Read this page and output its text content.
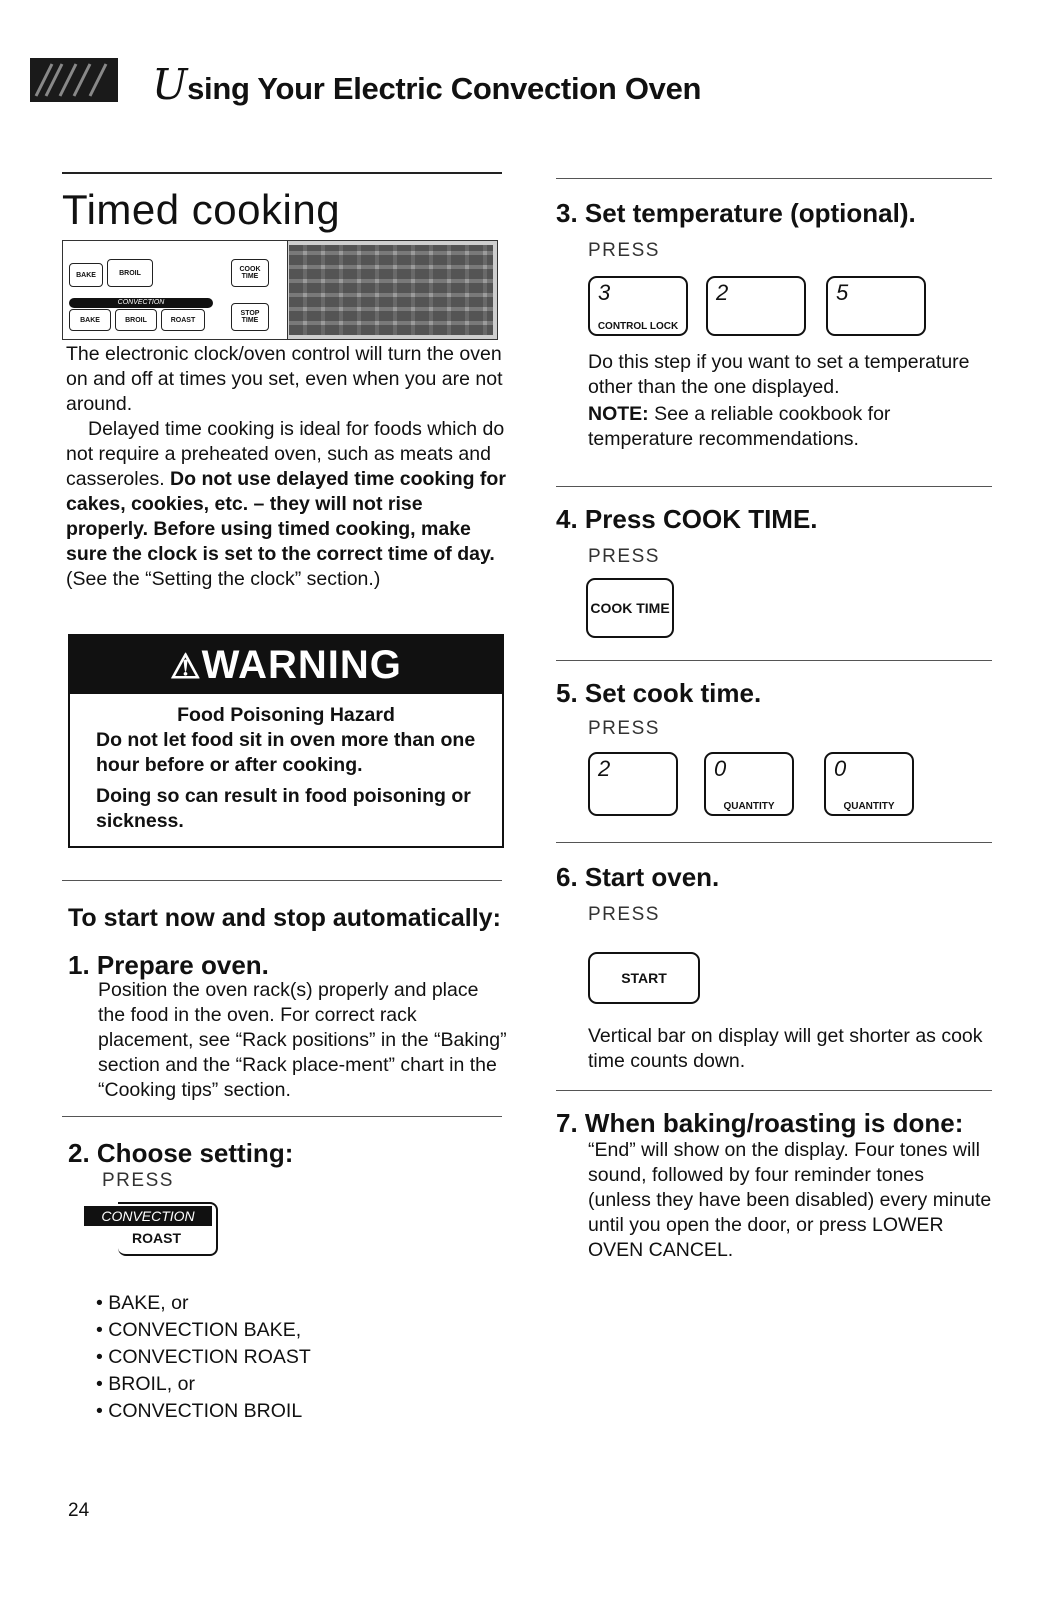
Using Your Electric Convection Oven
Timed cooking
BAKE	BROIL	COOK TIME
CONVECTION
BAKE	BROIL	ROAST
STOP TIME

The electronic clock/oven control will turn the oven on and off at times you set, even when you are not around.

Delayed time cooking is ideal for foods which do not require a preheated oven, such as meats and casseroles. Do not use delayed time cooking for cakes, cookies, etc. – they will not rise properly. Before using timed cooking, make sure the clock is set to the correct time of day. (See the “Setting the clock” section.)

⚠WARNING
Food Poisoning Hazard
Do not let food sit in oven more than one hour before or after cooking.
Doing so can result in food poisoning or sickness.
To start now and stop automatically:
1. Prepare oven.

Position the oven rack(s) properly and place the food in the oven. For correct rack placement, see “Rack positions” in the “Baking” section and the “Rack place-ment” chart in the “Cooking tips” section.

2. Choose setting:
PRESS
CONVECTION
ROAST
• BAKE, or
• CONVECTION BAKE,
• CONVECTION ROAST
• BROIL, or
• CONVECTION BROIL
24
3. Set temperature (optional).
PRESS
3
CONTROL LOCK
2	5

Do this step if you want to set a temperature other than the one displayed.

NOTE: See a reliable cookbook for temperature recommendations.

4. Press COOK TIME.
PRESS
COOK TIME
5. Set cook time.
PRESS
2	0
QUANTITY
0
QUANTITY
6. Start oven.
PRESS
START

Vertical bar on display will get shorter as cook time counts down.

7. When baking/roasting is done:

“End” will show on the display. Four tones will sound, followed by four reminder tones (unless they have been disabled) every minute until you open the door, or press LOWER OVEN CANCEL.
